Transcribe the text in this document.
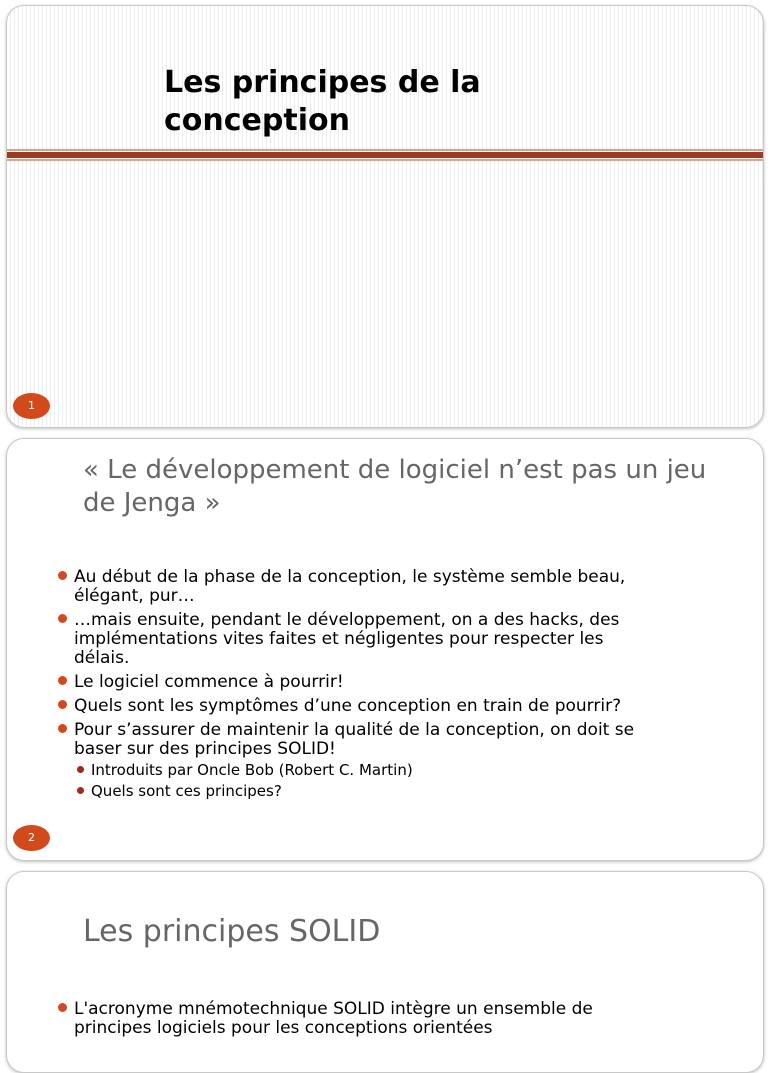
Les principes de la conception
1
« Le développement de logiciel n’est pas un jeu de Jenga »
Au début de la phase de la conception, le système semble beau, élégant, pur…
…mais ensuite, pendant le développement, on a des hacks, des implémentations vites faites et négligentes pour respecter les délais.
Le logiciel commence à pourrir!
Quels sont les symptômes d’une conception en train de pourrir?
Pour s’assurer de maintenir la qualité de la conception, on doit se baser sur des principes SOLID!
Introduits par Oncle Bob (Robert C. Martin)
Quels sont ces principes?
2
Les principes SOLID
L'acronyme mnémotechnique SOLID intègre un ensemble de principes logiciels pour les conceptions orientées
